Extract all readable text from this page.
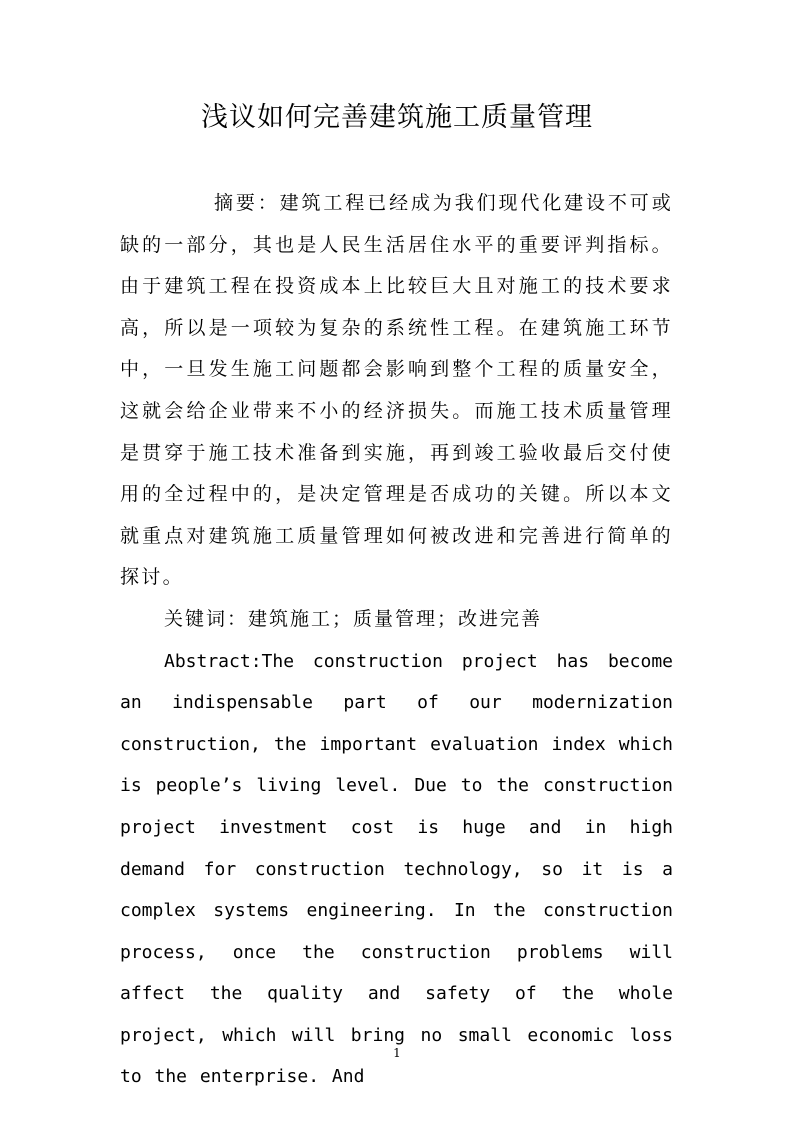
浅议如何完善建筑施工质量管理

摘要：建筑工程已经成为我们现代化建设不可或缺的一部分，其也是人民生活居住水平的重要评判指标。由于建筑工程在投资成本上比较巨大且对施工的技术要求高，所以是一项较为复杂的系统性工程。在建筑施工环节中，一旦发生施工问题都会影响到整个工程的质量安全，这就会给企业带来不小的经济损失。而施工技术质量管理是贯穿于施工技术准备到实施，再到竣工验收最后交付使用的全过程中的，是决定管理是否成功的关键。所以本文就重点对建筑施工质量管理如何被改进和完善进行简单的探讨。

关键词：建筑施工；质量管理；改进完善

Abstract:The construction project has become an indispensable part of our modernization construction, the important evaluation index which is people’s living level. Due to the construction project investment cost is huge and in high demand for construction technology, so it is a complex systems engineering. In the construction process, once the construction problems will affect the quality and safety of the whole project, which will bring no small economic loss to the enterprise. And

1
